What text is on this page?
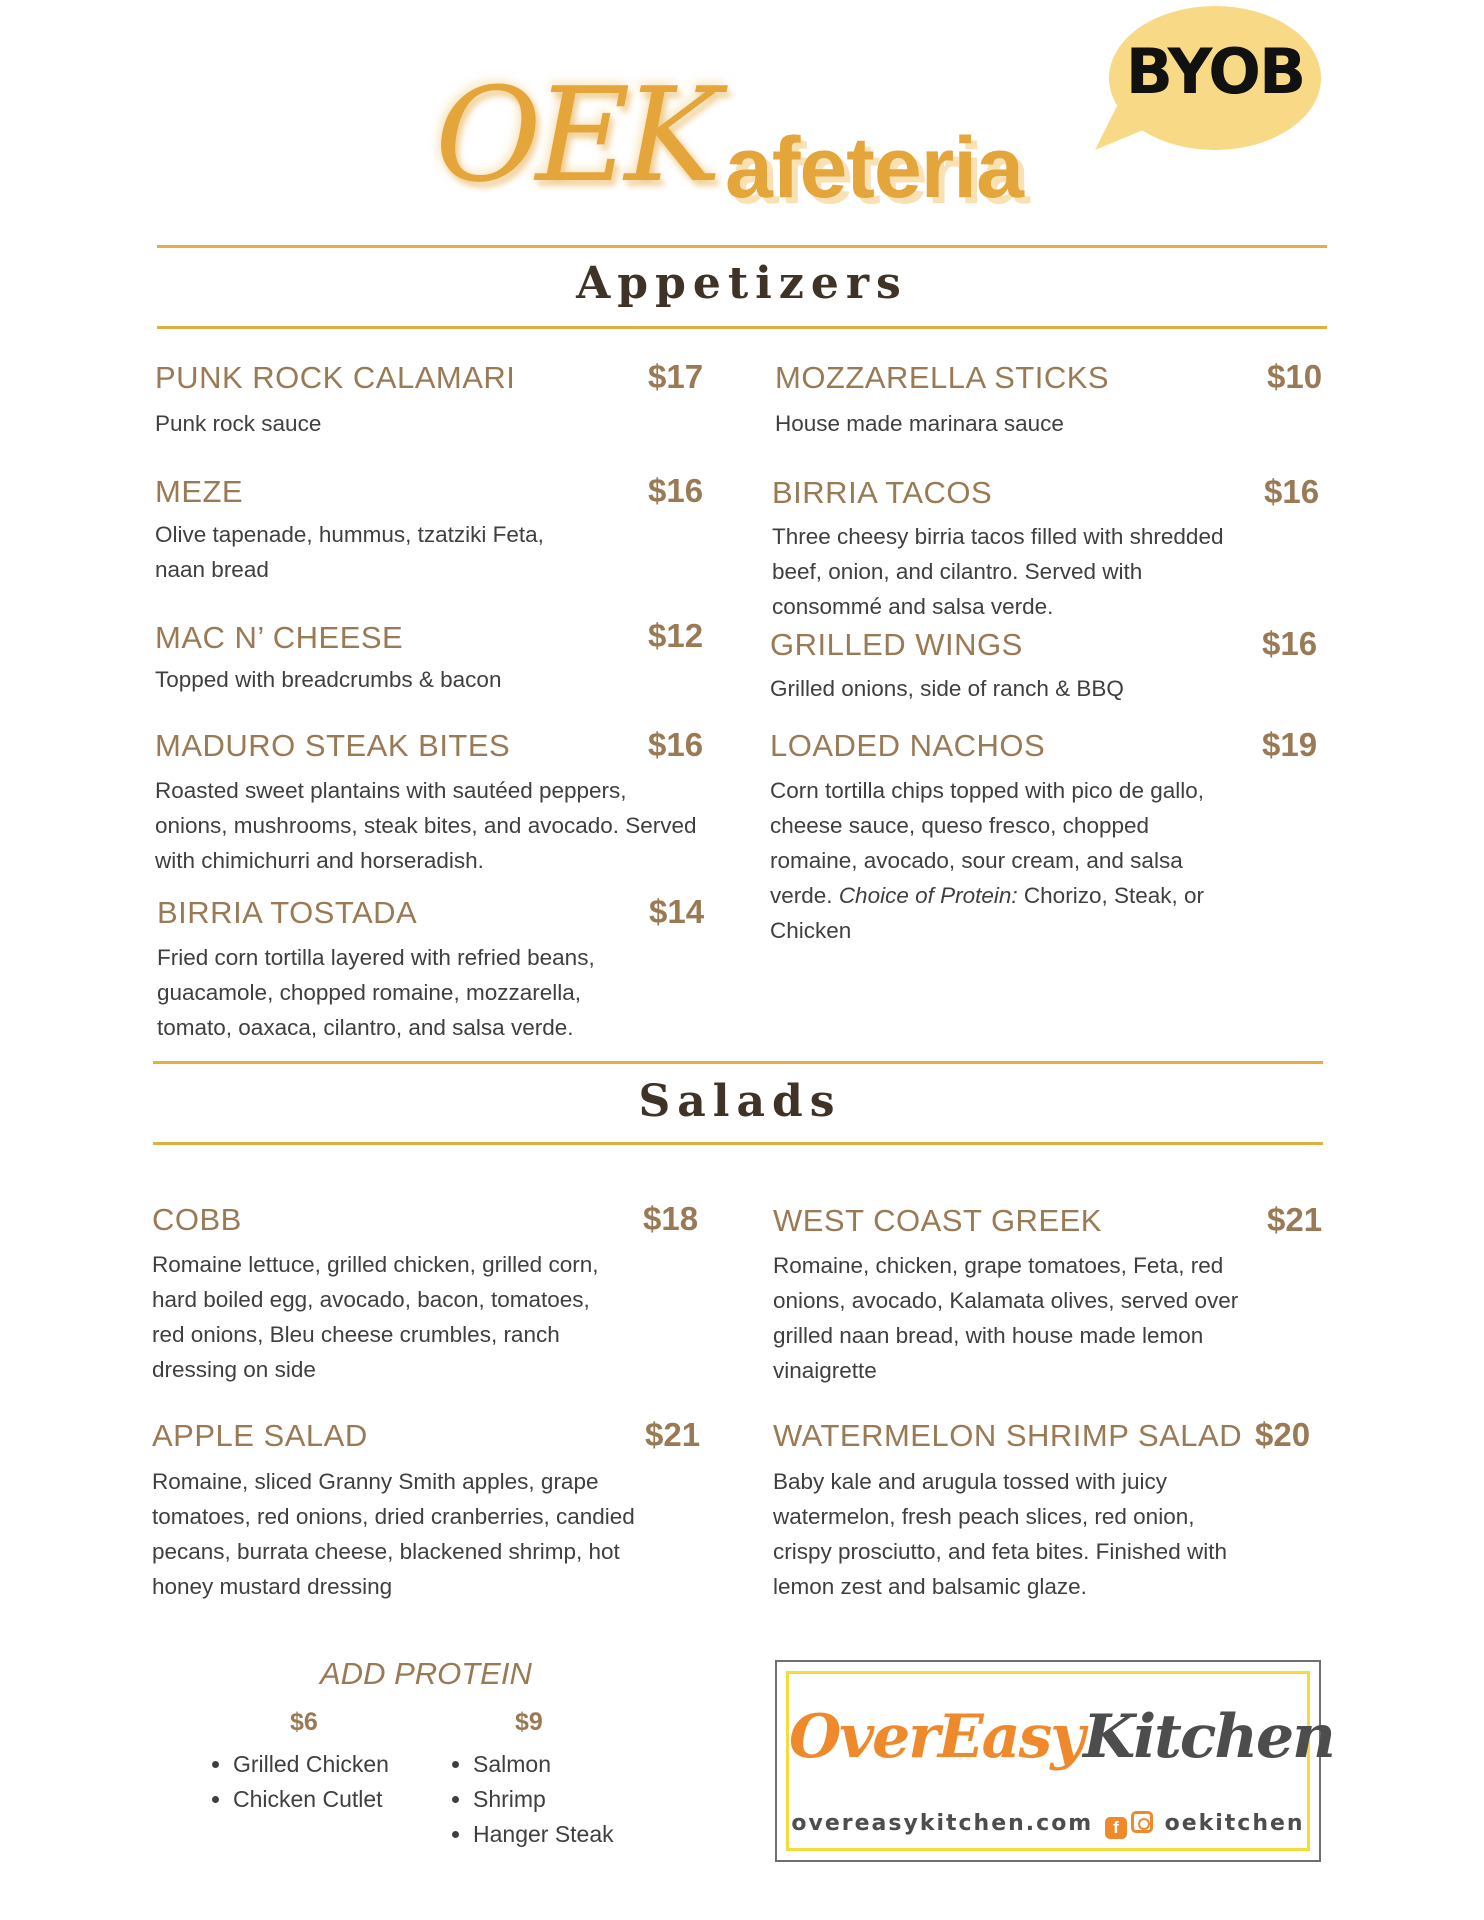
OEK afeteria
BYOB
Appetizers
PUNK ROCK CALAMARI	$17
Punk rock sauce
MEZE	$16
Olive tapenade, hummus, tzatziki Feta, naan bread
MAC N’ CHEESE	$12
Topped with breadcrumbs & bacon
MADURO STEAK BITES	$16
Roasted sweet plantains with sautéed peppers, onions, mushrooms, steak bites, and avocado. Served with chimichurri and horseradish.
BIRRIA TOSTADA	$14
Fried corn tortilla layered with refried beans, guacamole, chopped romaine, mozzarella, tomato, oaxaca, cilantro, and salsa verde.
MOZZARELLA STICKS	$10
House made marinara sauce
BIRRIA TACOS	$16
Three cheesy birria tacos filled with shredded beef, onion, and cilantro. Served with consommé and salsa verde.
GRILLED WINGS	$16
Grilled onions, side of ranch & BBQ
LOADED NACHOS	$19
Corn tortilla chips topped with pico de gallo, cheese sauce, queso fresco, chopped romaine, avocado, sour cream, and salsa verde. Choice of Protein: Chorizo, Steak, or Chicken
Salads
COBB	$18
Romaine lettuce, grilled chicken, grilled corn, hard boiled egg, avocado, bacon, tomatoes, red onions, Bleu cheese crumbles, ranch dressing on side
WEST COAST GREEK	$21
Romaine, chicken, grape tomatoes, Feta, red onions, avocado, Kalamata olives, served over grilled naan bread, with house made lemon vinaigrette
APPLE SALAD	$21
Romaine, sliced Granny Smith apples, grape tomatoes, red onions, dried cranberries, candied pecans, burrata cheese, blackened shrimp, hot honey mustard dressing
WATERMELON SHRIMP SALAD $20
Baby kale and arugula tossed with juicy watermelon, fresh peach slices, red onion, crispy prosciutto, and feta bites. Finished with lemon zest and balsamic glaze.
ADD PROTEIN
$6
• Grilled Chicken
• Chicken Cutlet
$9
• Salmon
• Shrimp
• Hanger Steak
OverEasyKitchen
overeasykitchen.com f oekitchen
